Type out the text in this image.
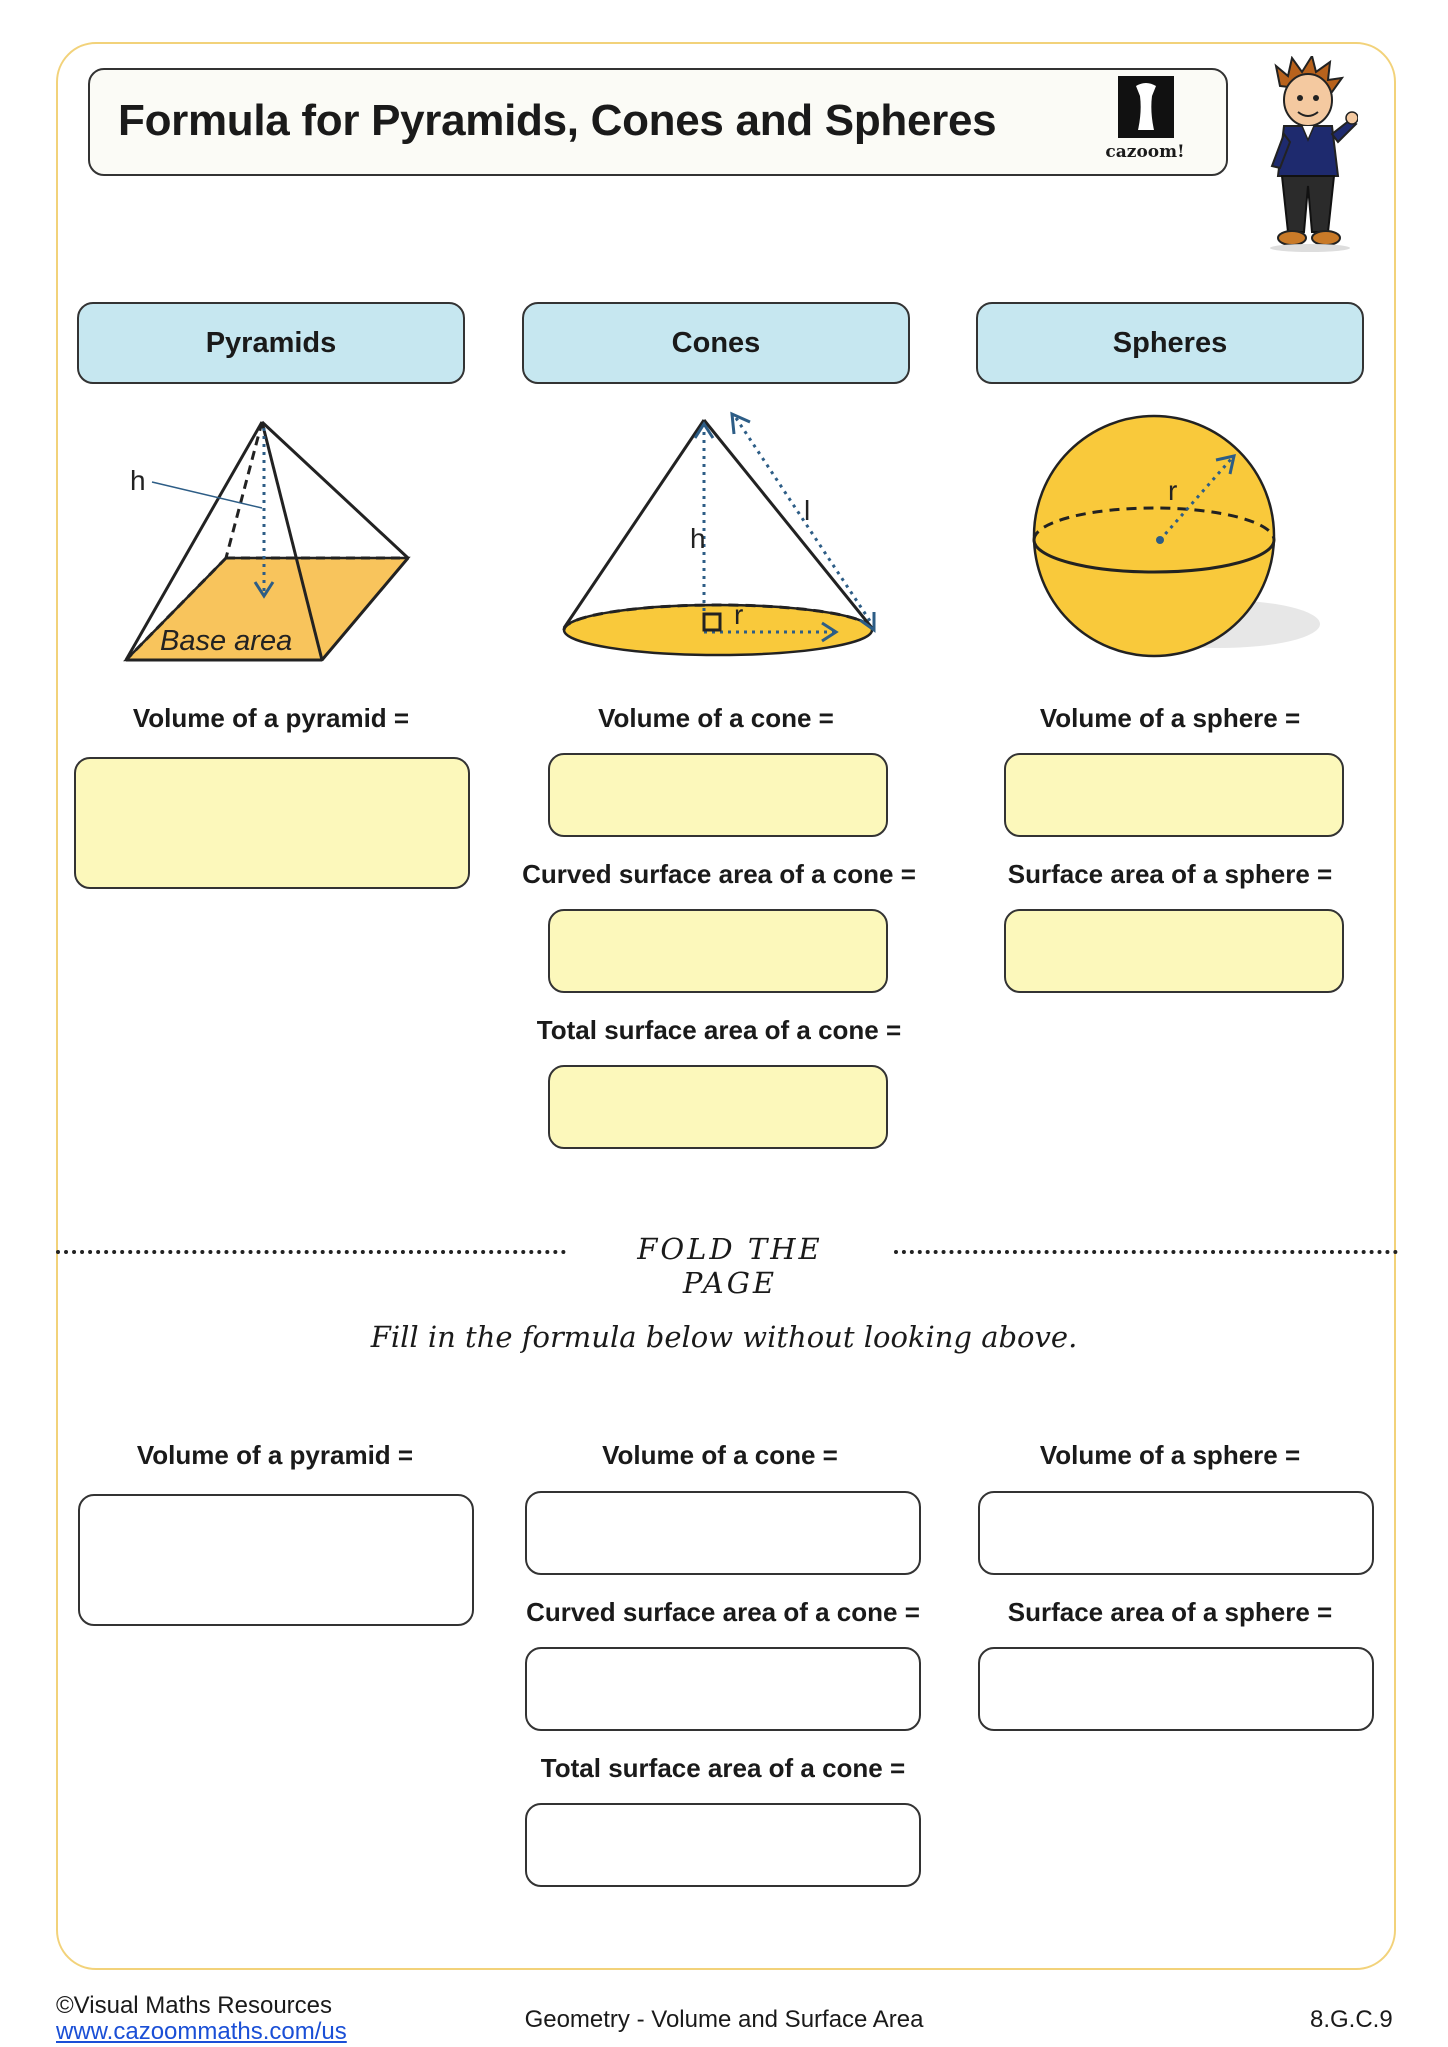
Formula for Pyramids, Cones and Spheres
cazoom!
Pyramids	Cones	Spheres
h
Base area
h
l
r
r
Volume of a pyramid =	Volume of a cone =	Volume of a sphere =
Curved surface area of a cone =	Surface area of a sphere =
Total surface area of a cone =
FOLD THE PAGE
Fill in the formula below without looking above.
Volume of a pyramid =	Volume of a cone =	Volume of a sphere =
Curved surface area of a cone =	Surface area of a sphere =
Total surface area of a cone =
©Visual Maths Resources
www.cazoommaths.com/us	Geometry - Volume and Surface Area	8.G.C.9
